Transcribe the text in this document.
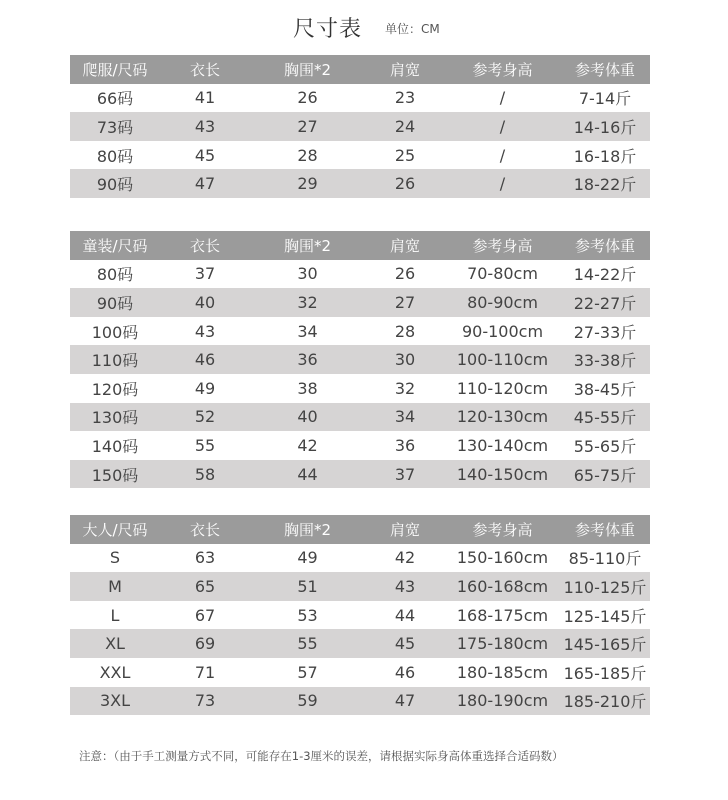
尺寸表 单位：CM
爬服/尺码	衣长	胸围*2	肩宽	参考身高	参考体重
66码	41	26	23	/	7-14斤
73码	43	27	24	/	14-16斤
80码	45	28	25	/	16-18斤
90码	47	29	26	/	18-22斤
童装/尺码	衣长	胸围*2	肩宽	参考身高	参考体重
80码	37	30	26	70-80cm	14-22斤
90码	40	32	27	80-90cm	22-27斤
100码	43	34	28	90-100cm	27-33斤
110码	46	36	30	100-110cm	33-38斤
120码	49	38	32	110-120cm	38-45斤
130码	52	40	34	120-130cm	45-55斤
140码	55	42	36	130-140cm	55-65斤
150码	58	44	37	140-150cm	65-75斤
大人/尺码	衣长	胸围*2	肩宽	参考身高	参考体重
S	63	49	42	150-160cm	85-110斤
M	65	51	43	160-168cm 110-125斤
L	67	53	44	168-175cm 125-145斤
XL	69	55	45	175-180cm 145-165斤
XXL	71	57	46	180-185cm 165-185斤
3XL	73	59	47	180-190cm 185-210斤
注意：（由于手工测量方式不同，可能存在1-3厘米的误差，请根据实际身高体重选择合适码数）
